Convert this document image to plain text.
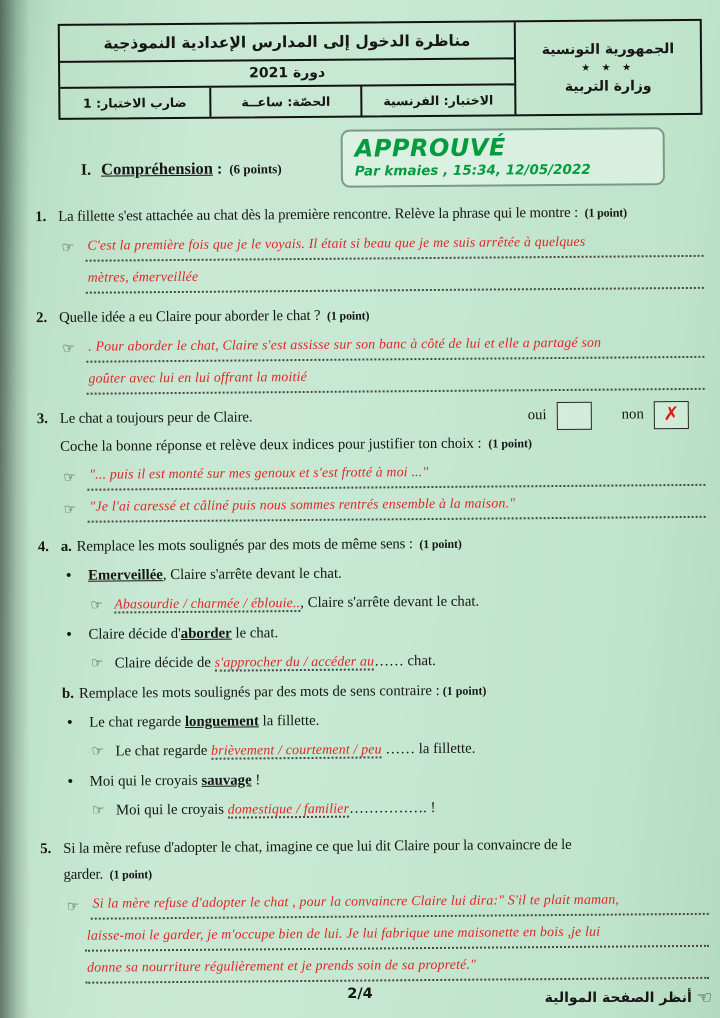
مناظرة الدخول إلى المدارس الإعدادية النموذجية
دورة 2021
ضارب الاختبار: 1	الحصّة: ساعــة	الاختبار: الفرنسية
الجمهورية التونسية
★ ★ ★
وزارة التربية
I. Compréhension : (6 points)
APPROUVÉ
Par kmaies , 15:34, 12/05/2022
1. La fillette s'est attachée au chat dès la première rencontre. Relève la phrase qui le montre : (1 point)
☞ C'est la première fois que je le voyais. Il était si beau que je me suis arrêtée à quelques
mètres, émerveillée
2. Quelle idée a eu Claire pour aborder le chat ? (1 point)
☞ . Pour aborder le chat, Claire s'est assisse sur son banc à côté de lui et elle a partagé son
goûter avec lui en lui offrant la moitié
3. Le chat a toujours peur de Claire.	oui	non ✗
Coche la bonne réponse et relève deux indices pour justifier ton choix : (1 point)
☞ "... puis il est monté sur mes genoux et s'est frotté à moi ..."
☞ "Je l'ai caressé et câliné puis nous sommes rentrés ensemble à la maison."
4. a. Remplace les mots soulignés par des mots de même sens : (1 point)
•	Emerveillée, Claire s'arrête devant le chat.
☞ Abasourdie / charmée / éblouie.., Claire s'arrête devant le chat.
•	Claire décide d'aborder le chat.
☞ Claire décide de s'approcher du / accéder au…… chat.
b. Remplace les mots soulignés par des mots de sens contraire : (1 point)
•	Le chat regarde longuement la fillette.
☞ Le chat regarde brièvement / courtement / peu …… la fillette.
•	Moi qui le croyais sauvage !
☞ Moi qui le croyais domestique / familier……………. !
5. Si la mère refuse d'adopter le chat, imagine ce que lui dit Claire pour la convaincre de le
garder. (1 point)
☞ Si la mère refuse d'adopter le chat , pour la convaincre Claire lui dira:" S'il te plait maman,
laisse-moi le garder, je m'occupe bien de lui. Je lui fabrique une maisonette en bois ,je lui
donne sa nourriture régulièrement et je prends soin de sa propreté."
2/4	☜
أنظر الصفحة الموالية
